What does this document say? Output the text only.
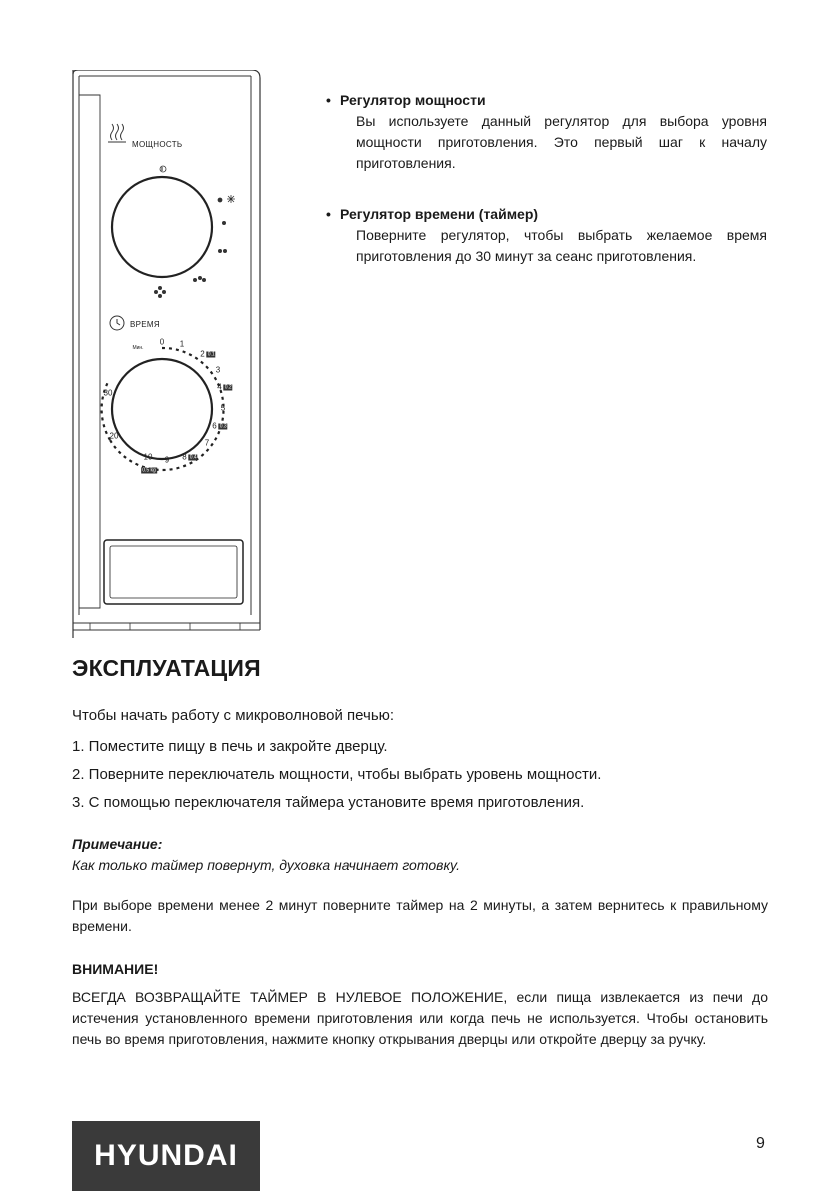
МОЩНОСТЬ
ВРЕМЯ
Мин.
0 1
2 0.1
3
4 0.2
5
6 0.3
7
8 0.4
9
10
20
30
0.5 kg
• Регулятор мощности
Вы используете данный регулятор для выбора уровня мощности приготовления. Это первый шаг к началу приготовления.
• Регулятор времени (таймер)
Поверните регулятор, чтобы выбрать желаемое время приготовления до 30 минут за сеанс приготовления.
ЭКСПЛУАТАЦИЯ
Чтобы начать работу с микроволновой печью:
1. Поместите пищу в печь и закройте дверцу.
2. Поверните переключатель мощности, чтобы выбрать уровень мощности.
3. С помощью переключателя таймера установите время приготовления.
Примечание:
Как только таймер повернут, духовка начинает готовку.
При выборе времени менее 2 минут поверните таймер на 2 минуты, а затем вернитесь к правильному времени.
ВНИМАНИЕ!
ВСЕГДА ВОЗВРАЩАЙТЕ ТАЙМЕР В НУЛЕВОЕ ПОЛОЖЕНИЕ, если пища извлекается из печи до истечения установленного времени приготовления или когда печь не используется. Чтобы остановить печь во время приготовления, нажмите кнопку открывания дверцы или откройте дверцу за ручку.
HYUNDAI	9
